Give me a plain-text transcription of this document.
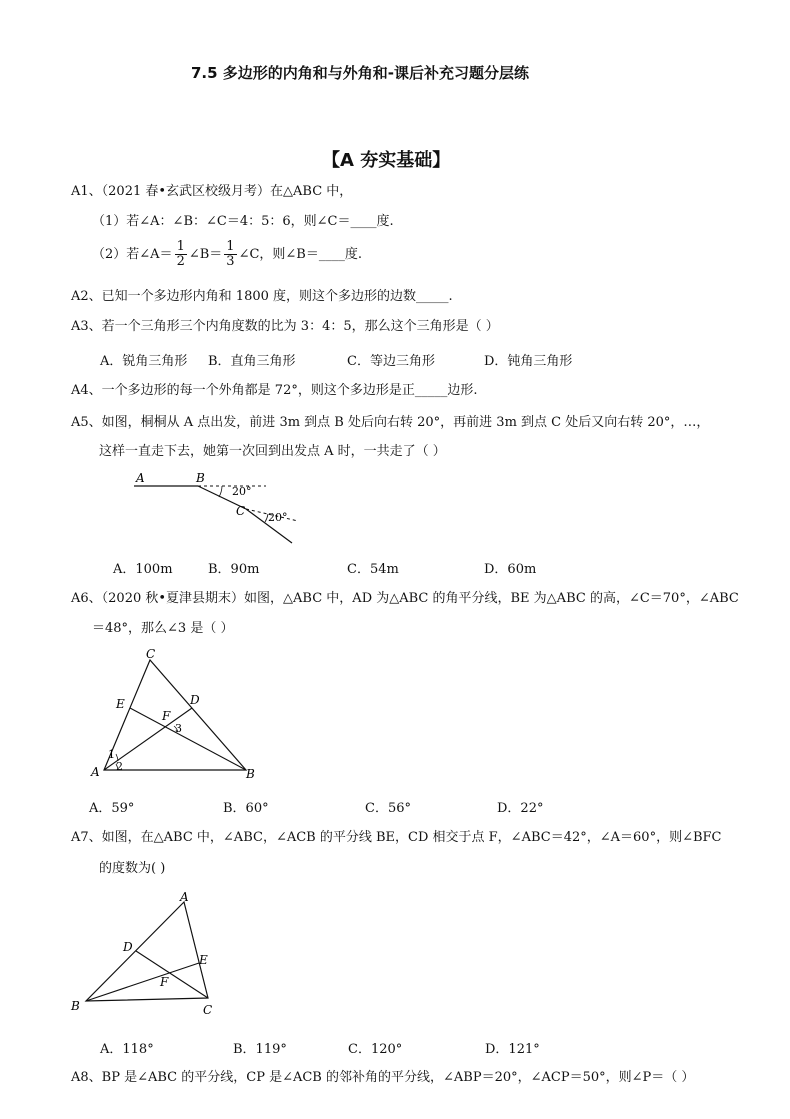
7.5 多边形的内角和与外角和-课后补充习题分层练
【A 夯实基础】
A1、（2021 春•玄武区校级月考）在△ABC 中，
（1）若∠A：∠B：∠C＝4：5：6，则∠C＝____度.
（2）若∠A＝ $\frac{1}{2}$ ∠B＝ $\frac{1}{3}$ ∠C，则∠B＝____度.
A2、已知一个多边形内角和 1800 度，则这个多边形的边数_____.
A3、若一个三角形三个内角度数的比为 3：4：5，那么这个三角形是（ ）
A．锐角三角形 B．直角三角形	C．等边三角形	D．钝角三角形
A4、一个多边形的每一个外角都是 72°，则这个多边形是正_____边形.
A5、如图，桐桐从 A 点出发，前进 3m 到点 B 处后向右转 20°，再前进 3m 到点 C 处后又向右转 20°，…，
这样一直走下去，她第一次回到出发点 A 时，一共走了（ ）
A	B
C
20°
20°
A．100m	B．90m	C．54m	D．60m
A6、（2020 秋•夏津县期末）如图，△ABC 中，AD 为△ABC 的角平分线，BE 为△ABC 的高，∠C＝70°，∠ABC
＝48°，那么∠3 是（ ）
C
E	D
F
3
1
2
A	B
A．59°	B．60°	C．56°	D．22°
A7、如图，在△ABC 中，∠ABC，∠ACB 的平分线 BE，CD 相交于点 F，∠ABC＝42°，∠A＝60°，则∠BFC
的度数为( )
A
D
E
F
B	C
A．118°	B．119°	C．120°	D．121°
A8、BP 是∠ABC 的平分线，CP 是∠ACB 的邻补角的平分线，∠ABP＝20°，∠ACP＝50°，则∠P＝（ ）
